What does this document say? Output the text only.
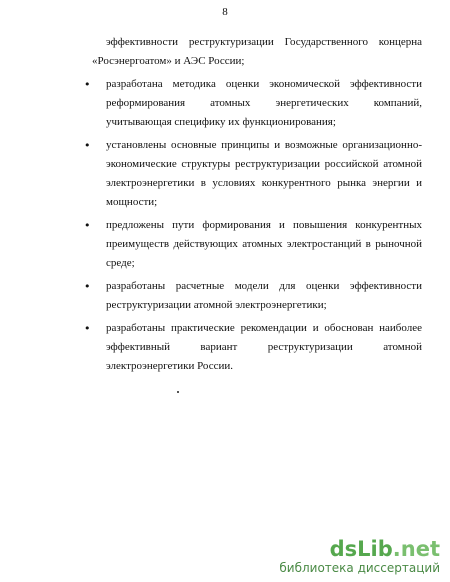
8

эффективности реструктуризации Государственного концерна «Росэнергоатом» и АЭС России;

• разработана методика оценки экономической эффективности реформирования атомных энергетических компаний, учитывающая специфику их функционирования;

• установлены основные принципы и возможные организационно-экономические структуры реструктуризации российской атомной электроэнергетики в условиях конкурентного рынка энергии и мощности;

• предложены пути формирования и повышения конкурентных преимуществ действующих атомных электростанций в рыночной среде;

• разработаны расчетные модели для оценки эффективности реструктуризации атомной электроэнергетики;

• разработаны практические рекомендации и обоснован наиболее эффективный вариант реструктуризации атомной электроэнергетики России.

dsLib.net
библиотека диссертаций
